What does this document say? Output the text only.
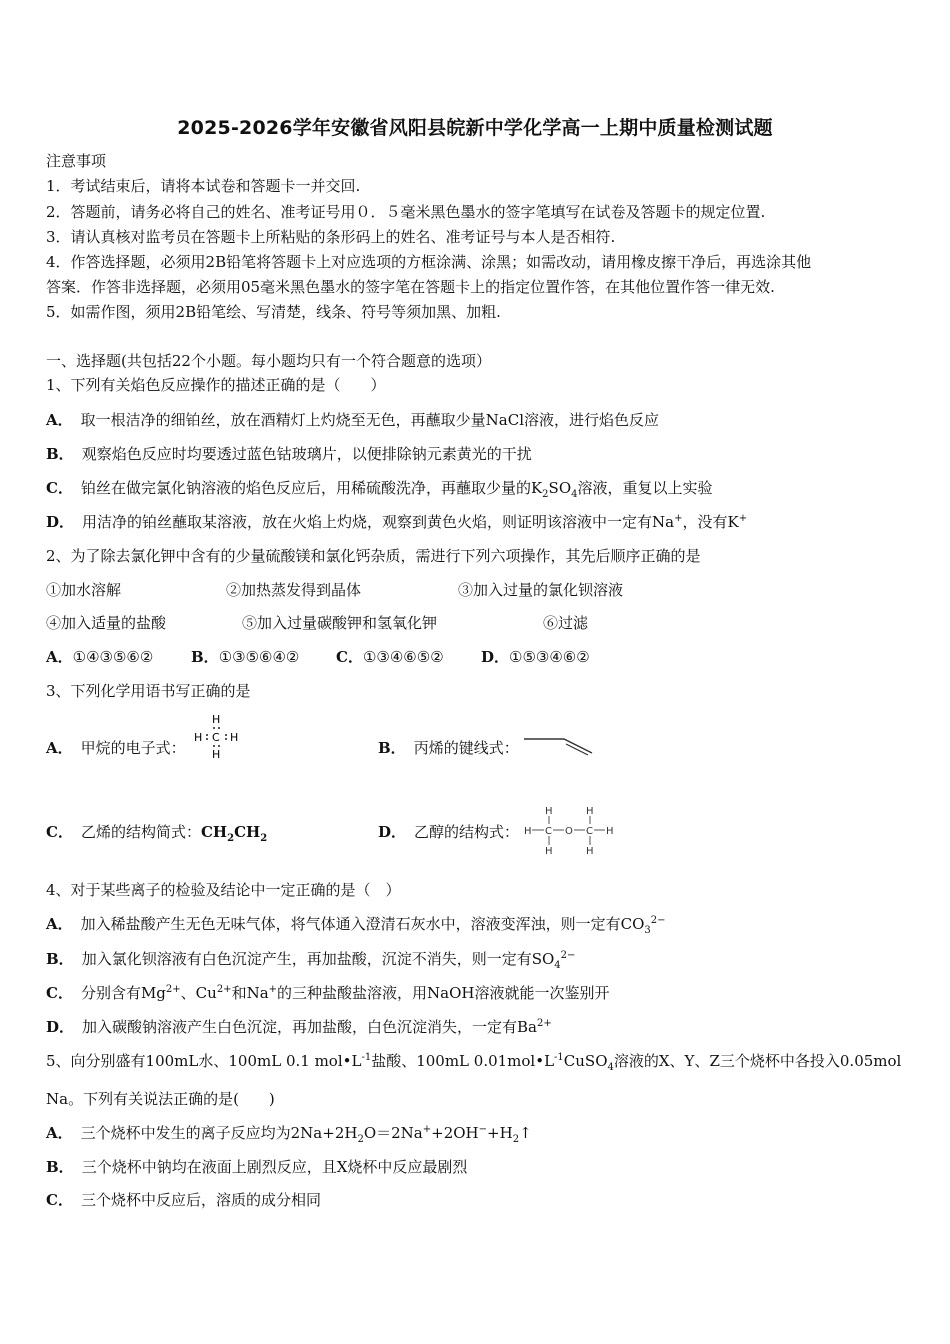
2025-2026学年安徽省风阳县皖新中学化学高一上期中质量检测试题
注意事项
1．考试结束后，请将本试卷和答题卡一并交回.
2．答题前，请务必将自己的姓名、准考证号用０．５毫米黑色墨水的签字笔填写在试卷及答题卡的规定位置.
3．请认真核对监考员在答题卡上所粘贴的条形码上的姓名、准考证号与本人是否相符.
4．作答选择题，必须用2B铅笔将答题卡上对应选项的方框涂满、涂黑；如需改动，请用橡皮擦干净后，再选涂其他
答案．作答非选择题，必须用05毫米黑色墨水的签字笔在答题卡上的指定位置作答，在其他位置作答一律无效.
5．如需作图，须用2B铅笔绘、写清楚，线条、符号等须加黑、加粗.
一、选择题(共包括22个小题。每小题均只有一个符合题意的选项）
1、下列有关焰色反应操作的描述正确的是（　　）
A． 取一根洁净的细铂丝，放在酒精灯上灼烧至无色，再蘸取少量NaCl溶液，进行焰色反应
B． 观察焰色反应时均要透过蓝色钴玻璃片，以便排除钠元素黄光的干扰
C． 铂丝在做完氯化钠溶液的焰色反应后，用稀硫酸洗净，再蘸取少量的$K_2SO_4$溶液，重复以上实验
D． 用洁净的铂丝蘸取某溶液，放在火焰上灼烧，观察到黄色火焰，则证明该溶液中一定有Na+，没有K+
2、为了除去氯化钾中含有的少量硫酸镁和氯化钙杂质，需进行下列六项操作，其先后顺序正确的是
①加水溶解	②加热蒸发得到晶体	③加入过量的氯化钡溶液
④加入适量的盐酸	⑤加入过量碳酸钾和氢氧化钾	⑥过滤
A．①④③⑤⑥②	B．①③⑤⑥④② C．①③④⑥⑤② D．①⑤③④⑥②
3、下列化学用语书写正确的是
A． 甲烷的电子式：
H
H C H
H	B． 丙烯的键线式：
C． 乙烯的结构简式：$CH_2CH_2$	D． 乙醇的结构式：
H	H
H C O C H
H	H
4、对于某些离子的检验及结论中一定正确的是（　）
A． 加入稀盐酸产生无色无味气体，将气体通入澄清石灰水中，溶液变浑浊，则一定有$CO_3^{2-}$
B． 加入氯化钡溶液有白色沉淀产生，再加盐酸，沉淀不消失，则一定有$SO_4^{2-}$
C． 分别含有$Mg^{2+}$、$Cu^{2+}$和Na+的三种盐酸盐溶液，用NaOH溶液就能一次鉴别开
D． 加入碳酸钠溶液产生白色沉淀，再加盐酸，白色沉淀消失，一定有$Ba^{2+}$
5、向分别盛有100mL水、100mL 0.1 $mol•L^{-1}$盐酸、100mL $0.01mol•L^{-1}CuSO_4$溶液的X、Y、Z三个烧杯中各投入0.05mol
Na。下列有关说法正确的是(　　)
A． 三个烧杯中发生的离子反应均为$2Na+2H_2O=2Na^++2OH^-+H_2↑$
B． 三个烧杯中钠均在液面上剧烈反应，且X烧杯中反应最剧烈
C． 三个烧杯中反应后，溶质的成分相同
